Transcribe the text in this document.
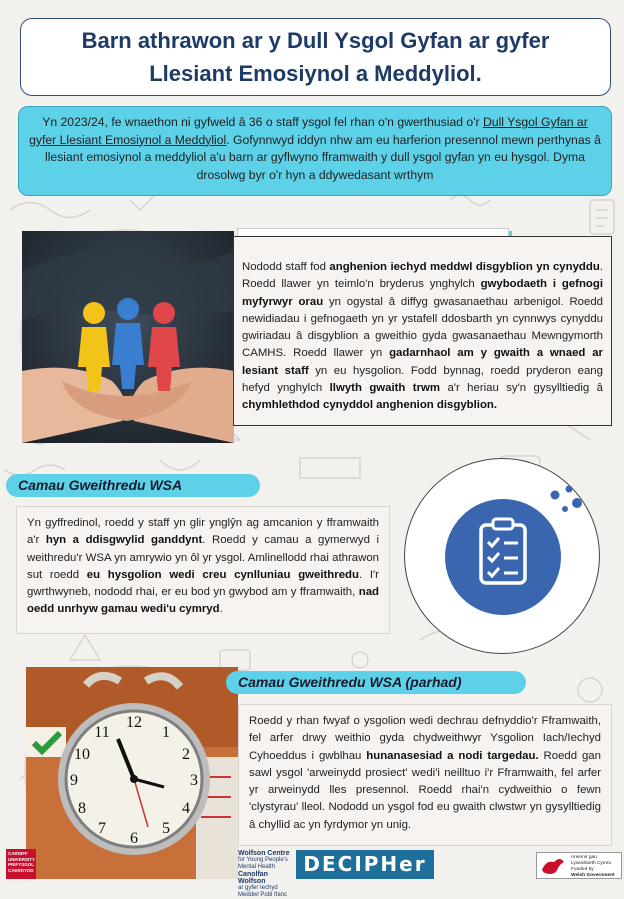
Barn athrawon ar y Dull Ysgol Gyfan ar gyfer Llesiant Emosiynol a Meddyliol.
Yn 2023/24, fe wnaethon ni gyfweld â 36 o staff ysgol fel rhan o'n gwerthusiad o'r Dull Ysgol Gyfan ar gyfer Llesiant Emosiynol a Meddyliol. Gofynnwyd iddyn nhw am eu harferion presennol mewn perthynas â llesiant emosiynol a meddyliol a'u barn ar gyflwyno fframwaith y dull ysgol gyfan yn eu hysgol. Dyma drosolwg byr o'r hyn a ddywedasant wrthym
Nododd staff fod anghenion iechyd meddwl disgyblion yn cynyddu. Roedd llawer yn teimlo'n bryderus ynghylch gwybodaeth i gefnogi myfyrwyr orau yn ogystal â diffyg gwasanaethau arbenigol. Roedd newidiadau i gefnogaeth yn yr ystafell ddosbarth yn cynnwys cynyddu gwiriadau â disgyblion a gweithio gyda gwasanaethau Mewngymorth CAMHS. Roedd llawer yn gadarnhaol am y gwaith a wnaed ar lesiant staff yn eu hysgolion. Fodd bynnag, roedd pryderon eang hefyd ynghylch llwyth gwaith trwm a'r heriau sy'n gysylltiedig â chymhlethdod cynyddol anghenion disgyblion.
Camau Gweithredu WSA
Yn gyffredinol, roedd y staff yn glir ynglŷn ag amcanion y fframwaith a'r hyn a ddisgwylid ganddynt. Roedd y camau a gymerwyd i weithredu'r WSA yn amrywio yn ôl yr ysgol. Amlinellodd rhai athrawon sut roedd eu hysgolion wedi creu cynlluniau gweithredu. I'r gwrthwyneb, nododd rhai, er eu bod yn gwybod am y fframwaith, nad oedd unrhyw gamau wedi'u cymryd.
12
1
2
3
4
5
6
7
8
9
10
11
Camau Gweithredu WSA (parhad)
Roedd y rhan fwyaf o ysgolion wedi dechrau defnyddio'r Fframwaith, fel arfer drwy weithio gyda chydweithwyr Ysgolion Iach/Iechyd Cyhoeddus i gwblhau hunanasesiad a nodi targedau. Roedd gan sawl ysgol 'arweinydd prosiect' wedi'i neilltuo i'r Fframwaith, fel arfer yr arweinydd lles presennol. Roedd rhai'n cydweithio o fewn 'clystyrau' lleol. Nododd un ysgol fod eu gwaith clwstwr yn gysylltiedig â chyllid ac yn fyrdymor yn unig.
CARDIFF UNIVERSITY PRIFYSGOL CAERDYDD
Wolfson Centre
for Young People's Mental Health
Canolfan Wolfson
ar gyfer Iechyd Meddwl Pobl Ifanc
DECIPHer	Ariennir gan
Lywodraeth Cymru
Funded by
Welsh Government
